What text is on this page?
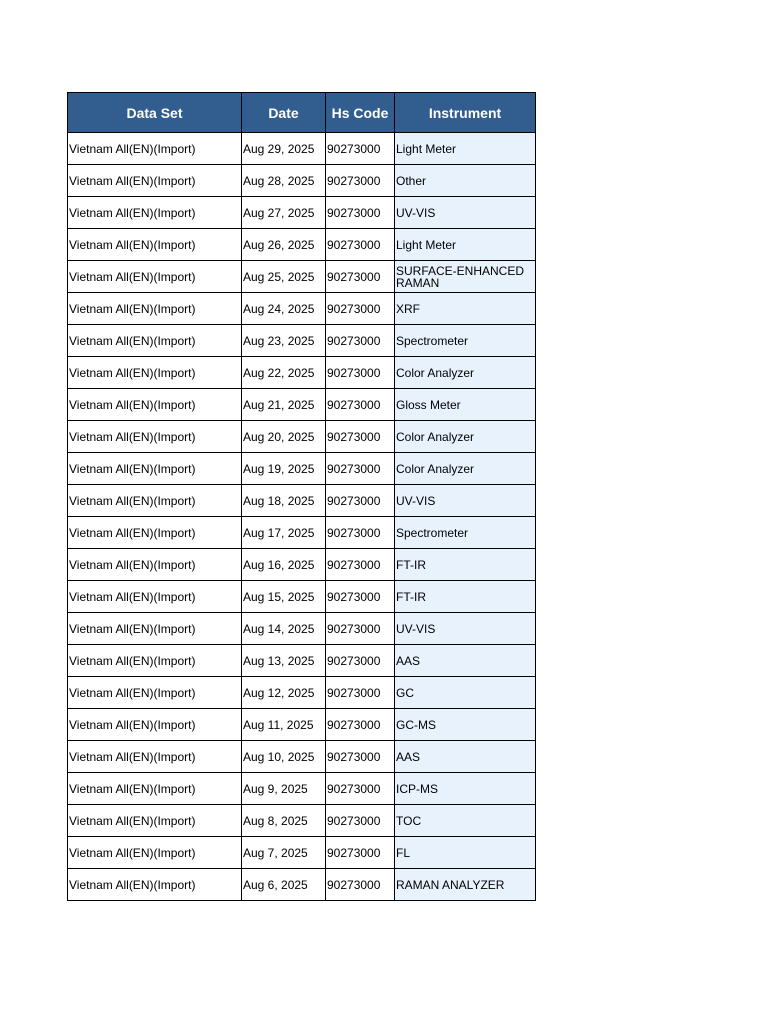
Data Set	Date	Hs Code	Instrument
Vietnam All(EN)(Import)	Aug 29, 2025	90273000	Light Meter
Vietnam All(EN)(Import)	Aug 28, 2025	90273000	Other
Vietnam All(EN)(Import)	Aug 27, 2025	90273000	UV-VIS
Vietnam All(EN)(Import)	Aug 26, 2025	90273000	Light Meter
Vietnam All(EN)(Import)	Aug 25, 2025	90273000	SURFACE-ENHANCED RAMAN
Vietnam All(EN)(Import)	Aug 24, 2025	90273000	XRF
Vietnam All(EN)(Import)	Aug 23, 2025	90273000	Spectrometer
Vietnam All(EN)(Import)	Aug 22, 2025	90273000	Color Analyzer
Vietnam All(EN)(Import)	Aug 21, 2025	90273000	Gloss Meter
Vietnam All(EN)(Import)	Aug 20, 2025	90273000	Color Analyzer
Vietnam All(EN)(Import)	Aug 19, 2025	90273000	Color Analyzer
Vietnam All(EN)(Import)	Aug 18, 2025	90273000	UV-VIS
Vietnam All(EN)(Import)	Aug 17, 2025	90273000	Spectrometer
Vietnam All(EN)(Import)	Aug 16, 2025	90273000	FT-IR
Vietnam All(EN)(Import)	Aug 15, 2025	90273000	FT-IR
Vietnam All(EN)(Import)	Aug 14, 2025	90273000	UV-VIS
Vietnam All(EN)(Import)	Aug 13, 2025	90273000	AAS
Vietnam All(EN)(Import)	Aug 12, 2025	90273000	GC
Vietnam All(EN)(Import)	Aug 11, 2025	90273000	GC-MS
Vietnam All(EN)(Import)	Aug 10, 2025	90273000	AAS
Vietnam All(EN)(Import)	Aug 9, 2025	90273000	ICP-MS
Vietnam All(EN)(Import)	Aug 8, 2025	90273000	TOC
Vietnam All(EN)(Import)	Aug 7, 2025	90273000	FL
Vietnam All(EN)(Import)	Aug 6, 2025	90273000	RAMAN ANALYZER
